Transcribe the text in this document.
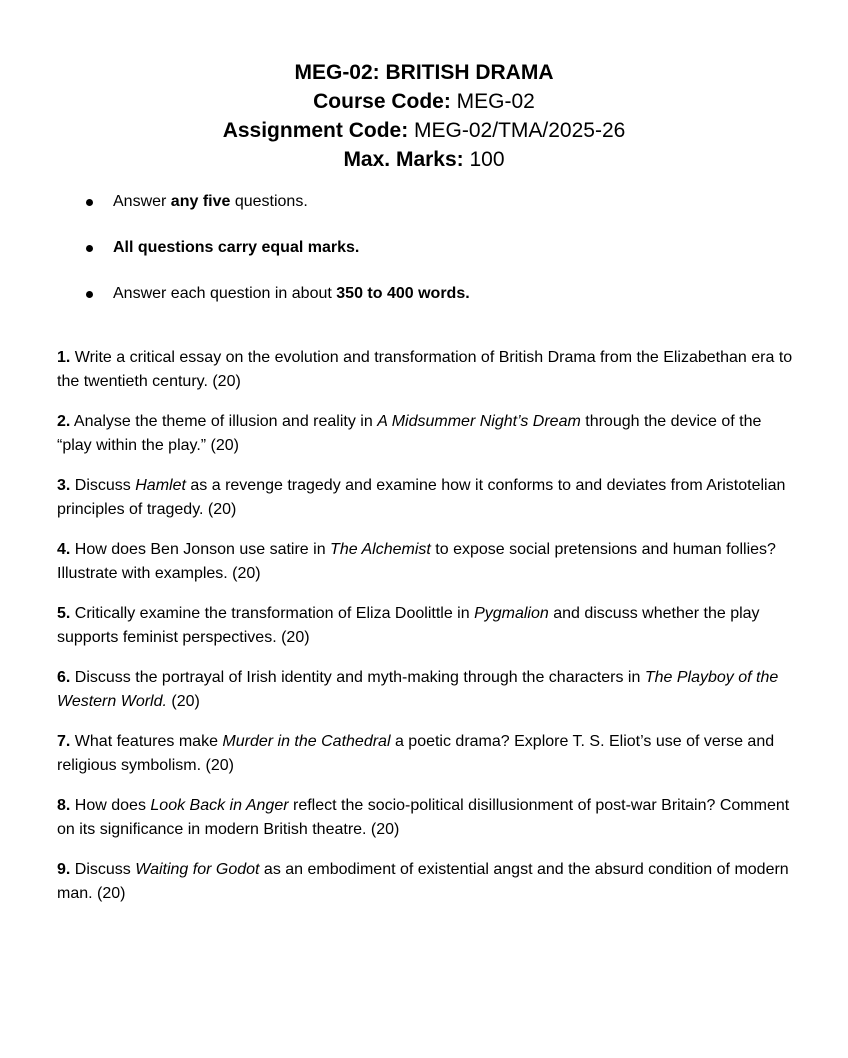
MEG-02: BRITISH DRAMA
Course Code: MEG-02
Assignment Code: MEG-02/TMA/2025-26
Max. Marks: 100
Answer any five questions.
All questions carry equal marks.
Answer each question in about 350 to 400 words.
1. Write a critical essay on the evolution and transformation of British Drama from the Elizabethan era to the twentieth century. (20)
2. Analyse the theme of illusion and reality in A Midsummer Night’s Dream through the device of the “play within the play.” (20)
3. Discuss Hamlet as a revenge tragedy and examine how it conforms to and deviates from Aristotelian principles of tragedy. (20)
4. How does Ben Jonson use satire in The Alchemist to expose social pretensions and human follies? Illustrate with examples. (20)
5. Critically examine the transformation of Eliza Doolittle in Pygmalion and discuss whether the play supports feminist perspectives. (20)
6. Discuss the portrayal of Irish identity and myth-making through the characters in The Playboy of the Western World. (20)
7. What features make Murder in the Cathedral a poetic drama? Explore T. S. Eliot’s use of verse and religious symbolism. (20)
8. How does Look Back in Anger reflect the socio-political disillusionment of post-war Britain? Comment on its significance in modern British theatre. (20)
9. Discuss Waiting for Godot as an embodiment of existential angst and the absurd condition of modern man. (20)
